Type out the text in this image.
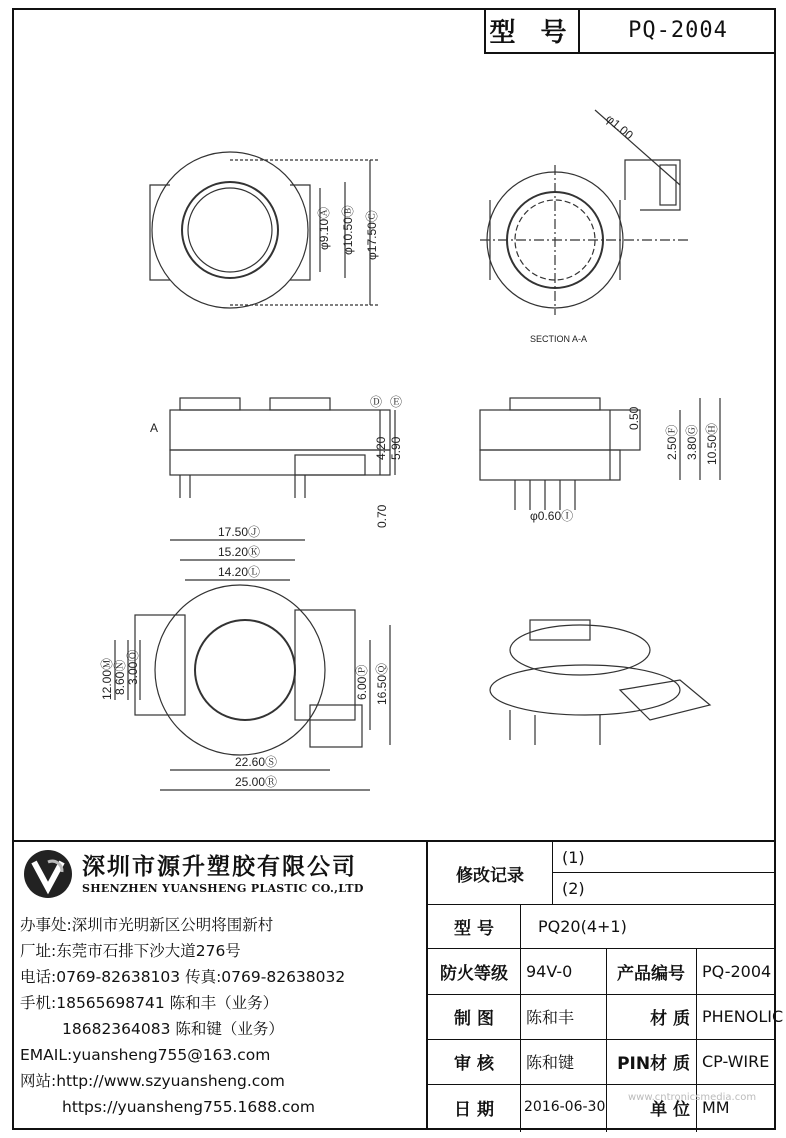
型 号	PQ-2004
φ9.10Ⓐ φ10.50Ⓑ φ17.50Ⓒ
φ1.00
SECTION A-A
4.20 5.90
Ⓓ Ⓔ
0.70
A	0.50
2.50Ⓕ 3.80Ⓖ 10.50Ⓗ
φ0.60Ⓘ
17.50Ⓙ
15.20Ⓚ
14.20Ⓛ
12.00Ⓜ 8.60Ⓝ 3.00Ⓞ	6.00Ⓟ 16.50Ⓠ
22.60Ⓢ
25.00Ⓡ
深圳市源升塑胶有限公司
SHENZHEN YUANSHENG PLASTIC CO.,LTD
办事处:深圳市光明新区公明将围新村
厂址:东莞市石排下沙大道276号
电话:0769-82638103 传真:0769-82638032
手机:18565698741 陈和丰（业务）
18682364083 陈和键（业务）
EMAIL:yuansheng755@163.com
网站:http://www.szyuansheng.com
https://yuansheng755.1688.com
修改记录
(1)
(2)
型 号	PQ20(4+1)
防火等级	94V-0	产品编号	PQ-2004
制 图	陈和丰	材 质 PHENOLIC
审 核	陈和键	PIN材 质 CP-WIRE
日 期	2016-06-30	单 位 MM
www.cntronicsmedia.com
